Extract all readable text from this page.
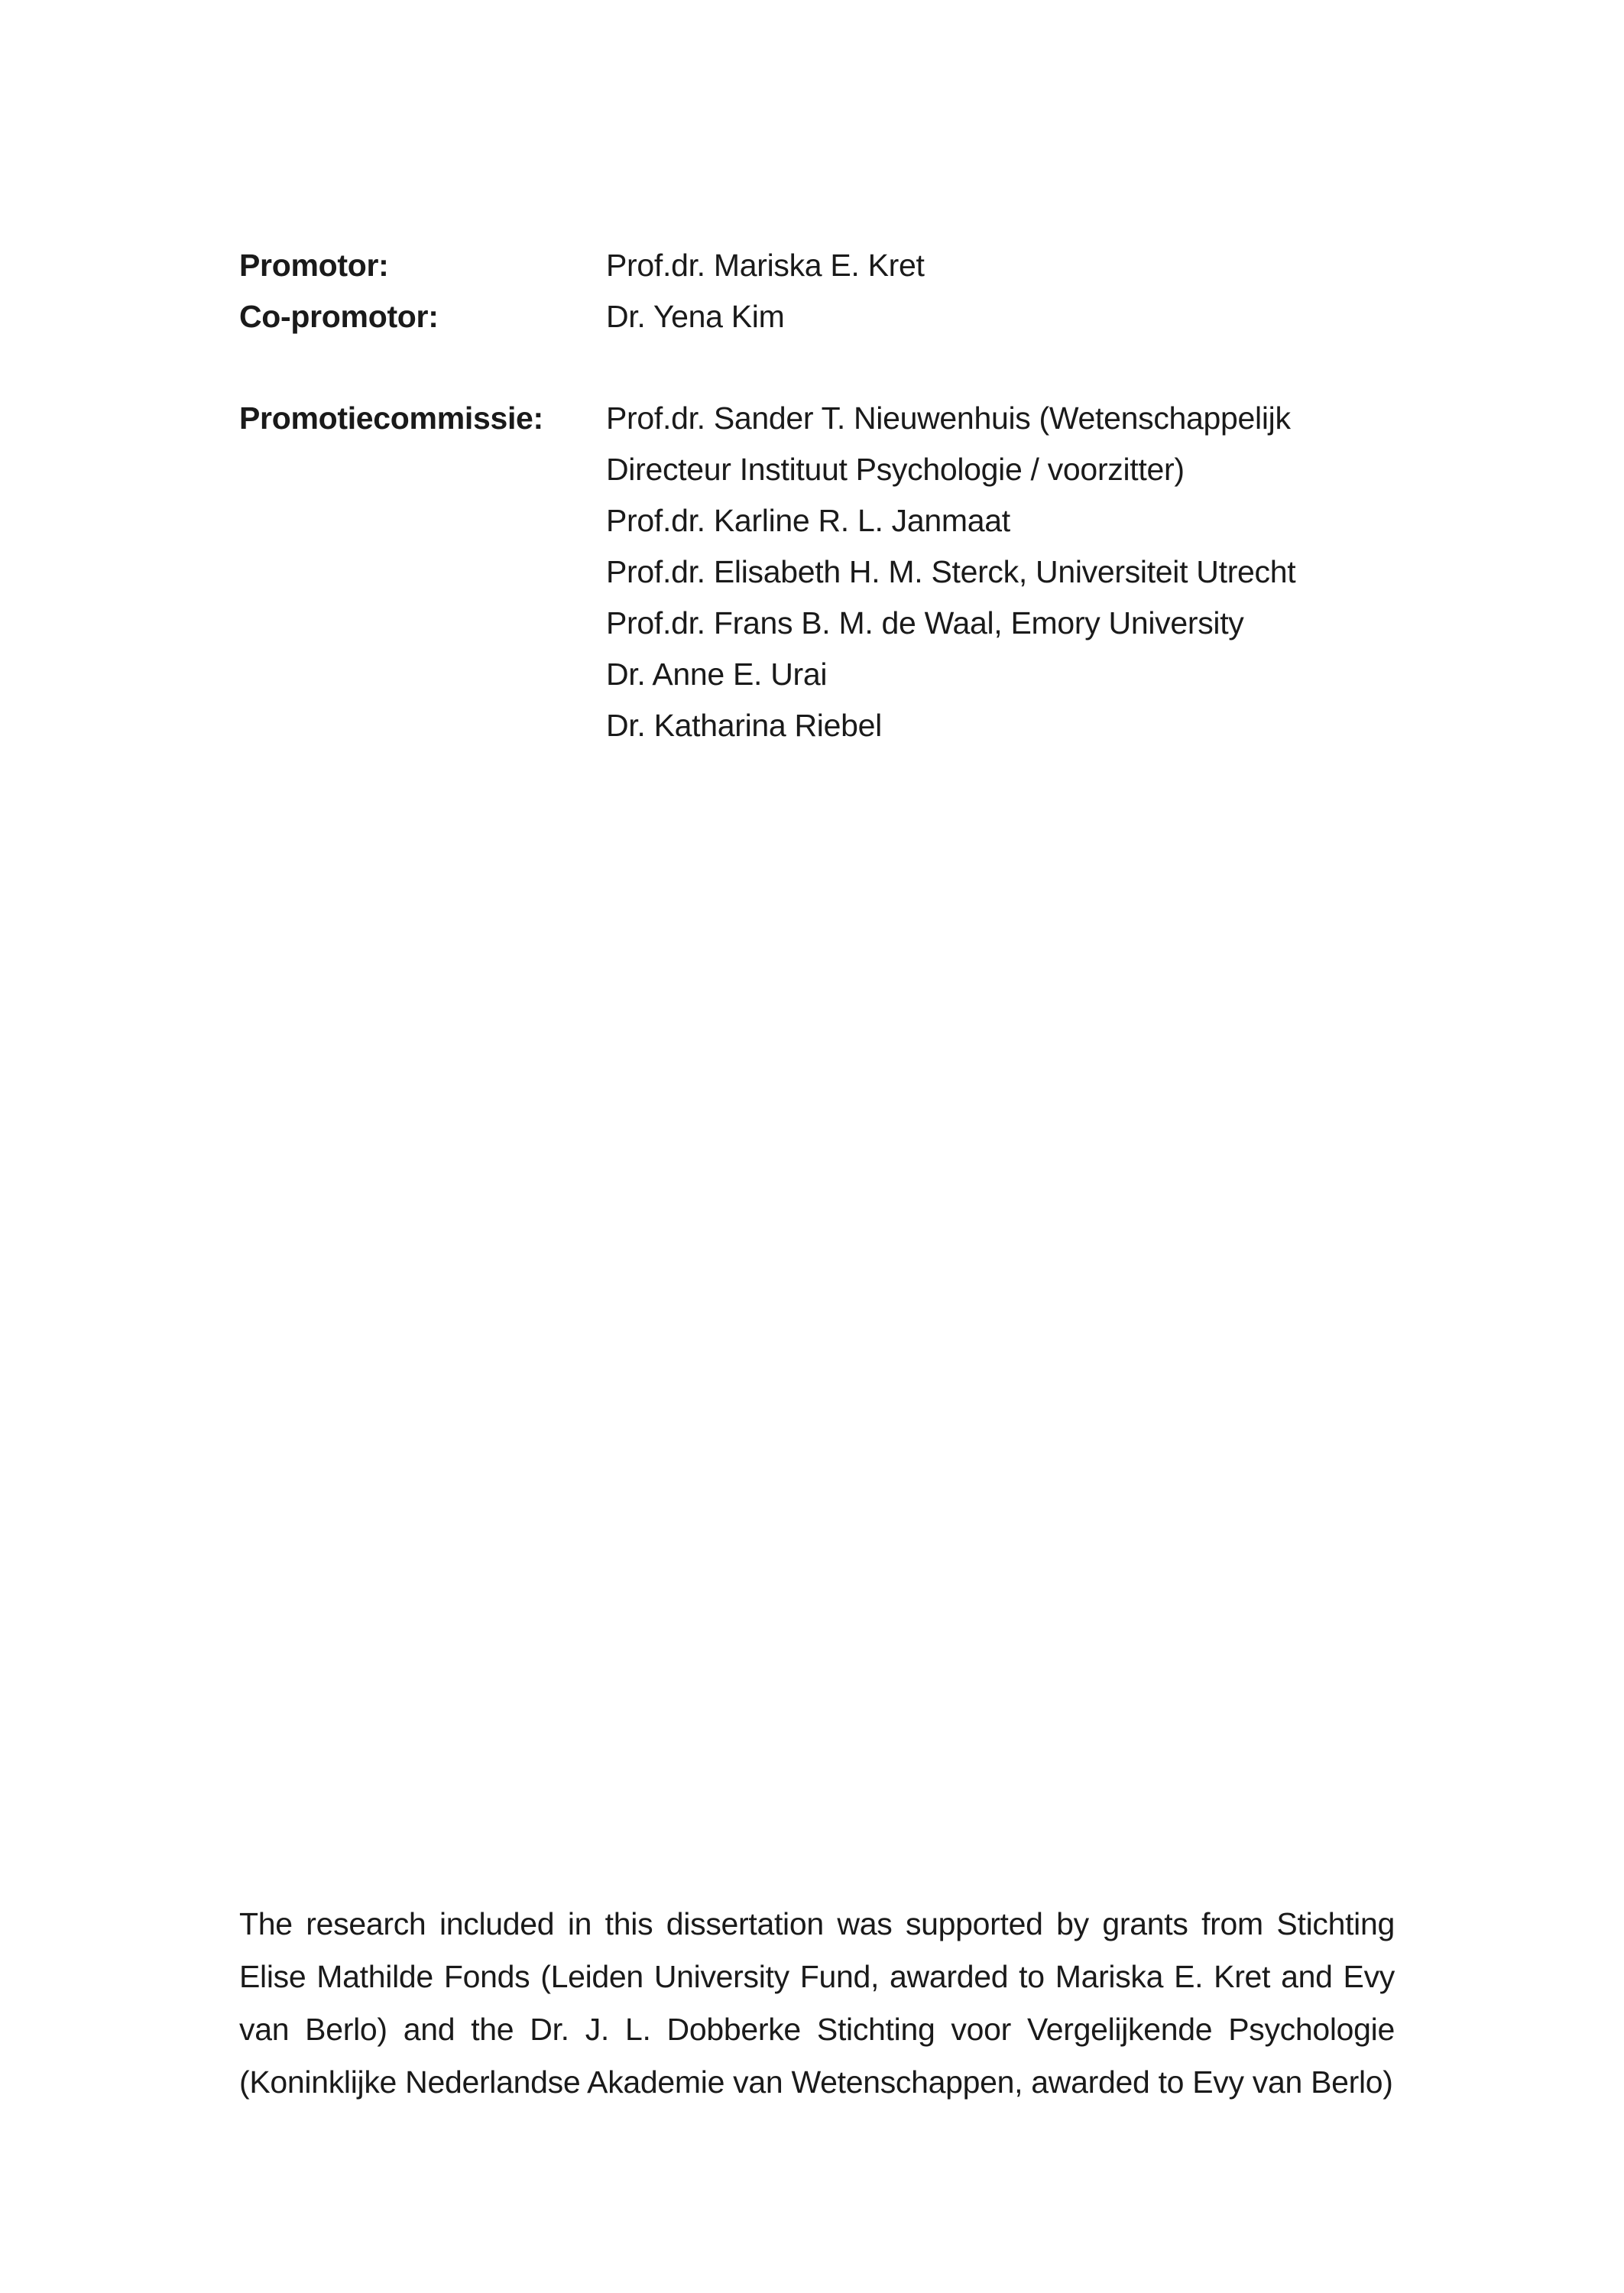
Promotor:	Prof.dr. Mariska E. Kret
Co-promotor:	Dr. Yena Kim
Promotiecommissie:	Prof.dr. Sander T. Nieuwenhuis (Wetenschappelijk
Directeur Instituut Psychologie / voorzitter)
Prof.dr. Karline R. L. Janmaat
Prof.dr. Elisabeth H. M. Sterck, Universiteit Utrecht
Prof.dr. Frans B. M. de Waal, Emory University
Dr. Anne E. Urai
Dr. Katharina Riebel

The research included in this dissertation was supported by grants from Stichting Elise Mathilde Fonds (Leiden University Fund, awarded to Mariska E. Kret and Evy van Berlo) and the Dr. J. L. Dobberke Stichting voor Vergelijkende Psychologie (Koninklijke Nederlandse Akademie van Wetenschappen, awarded to Evy van Berlo)
